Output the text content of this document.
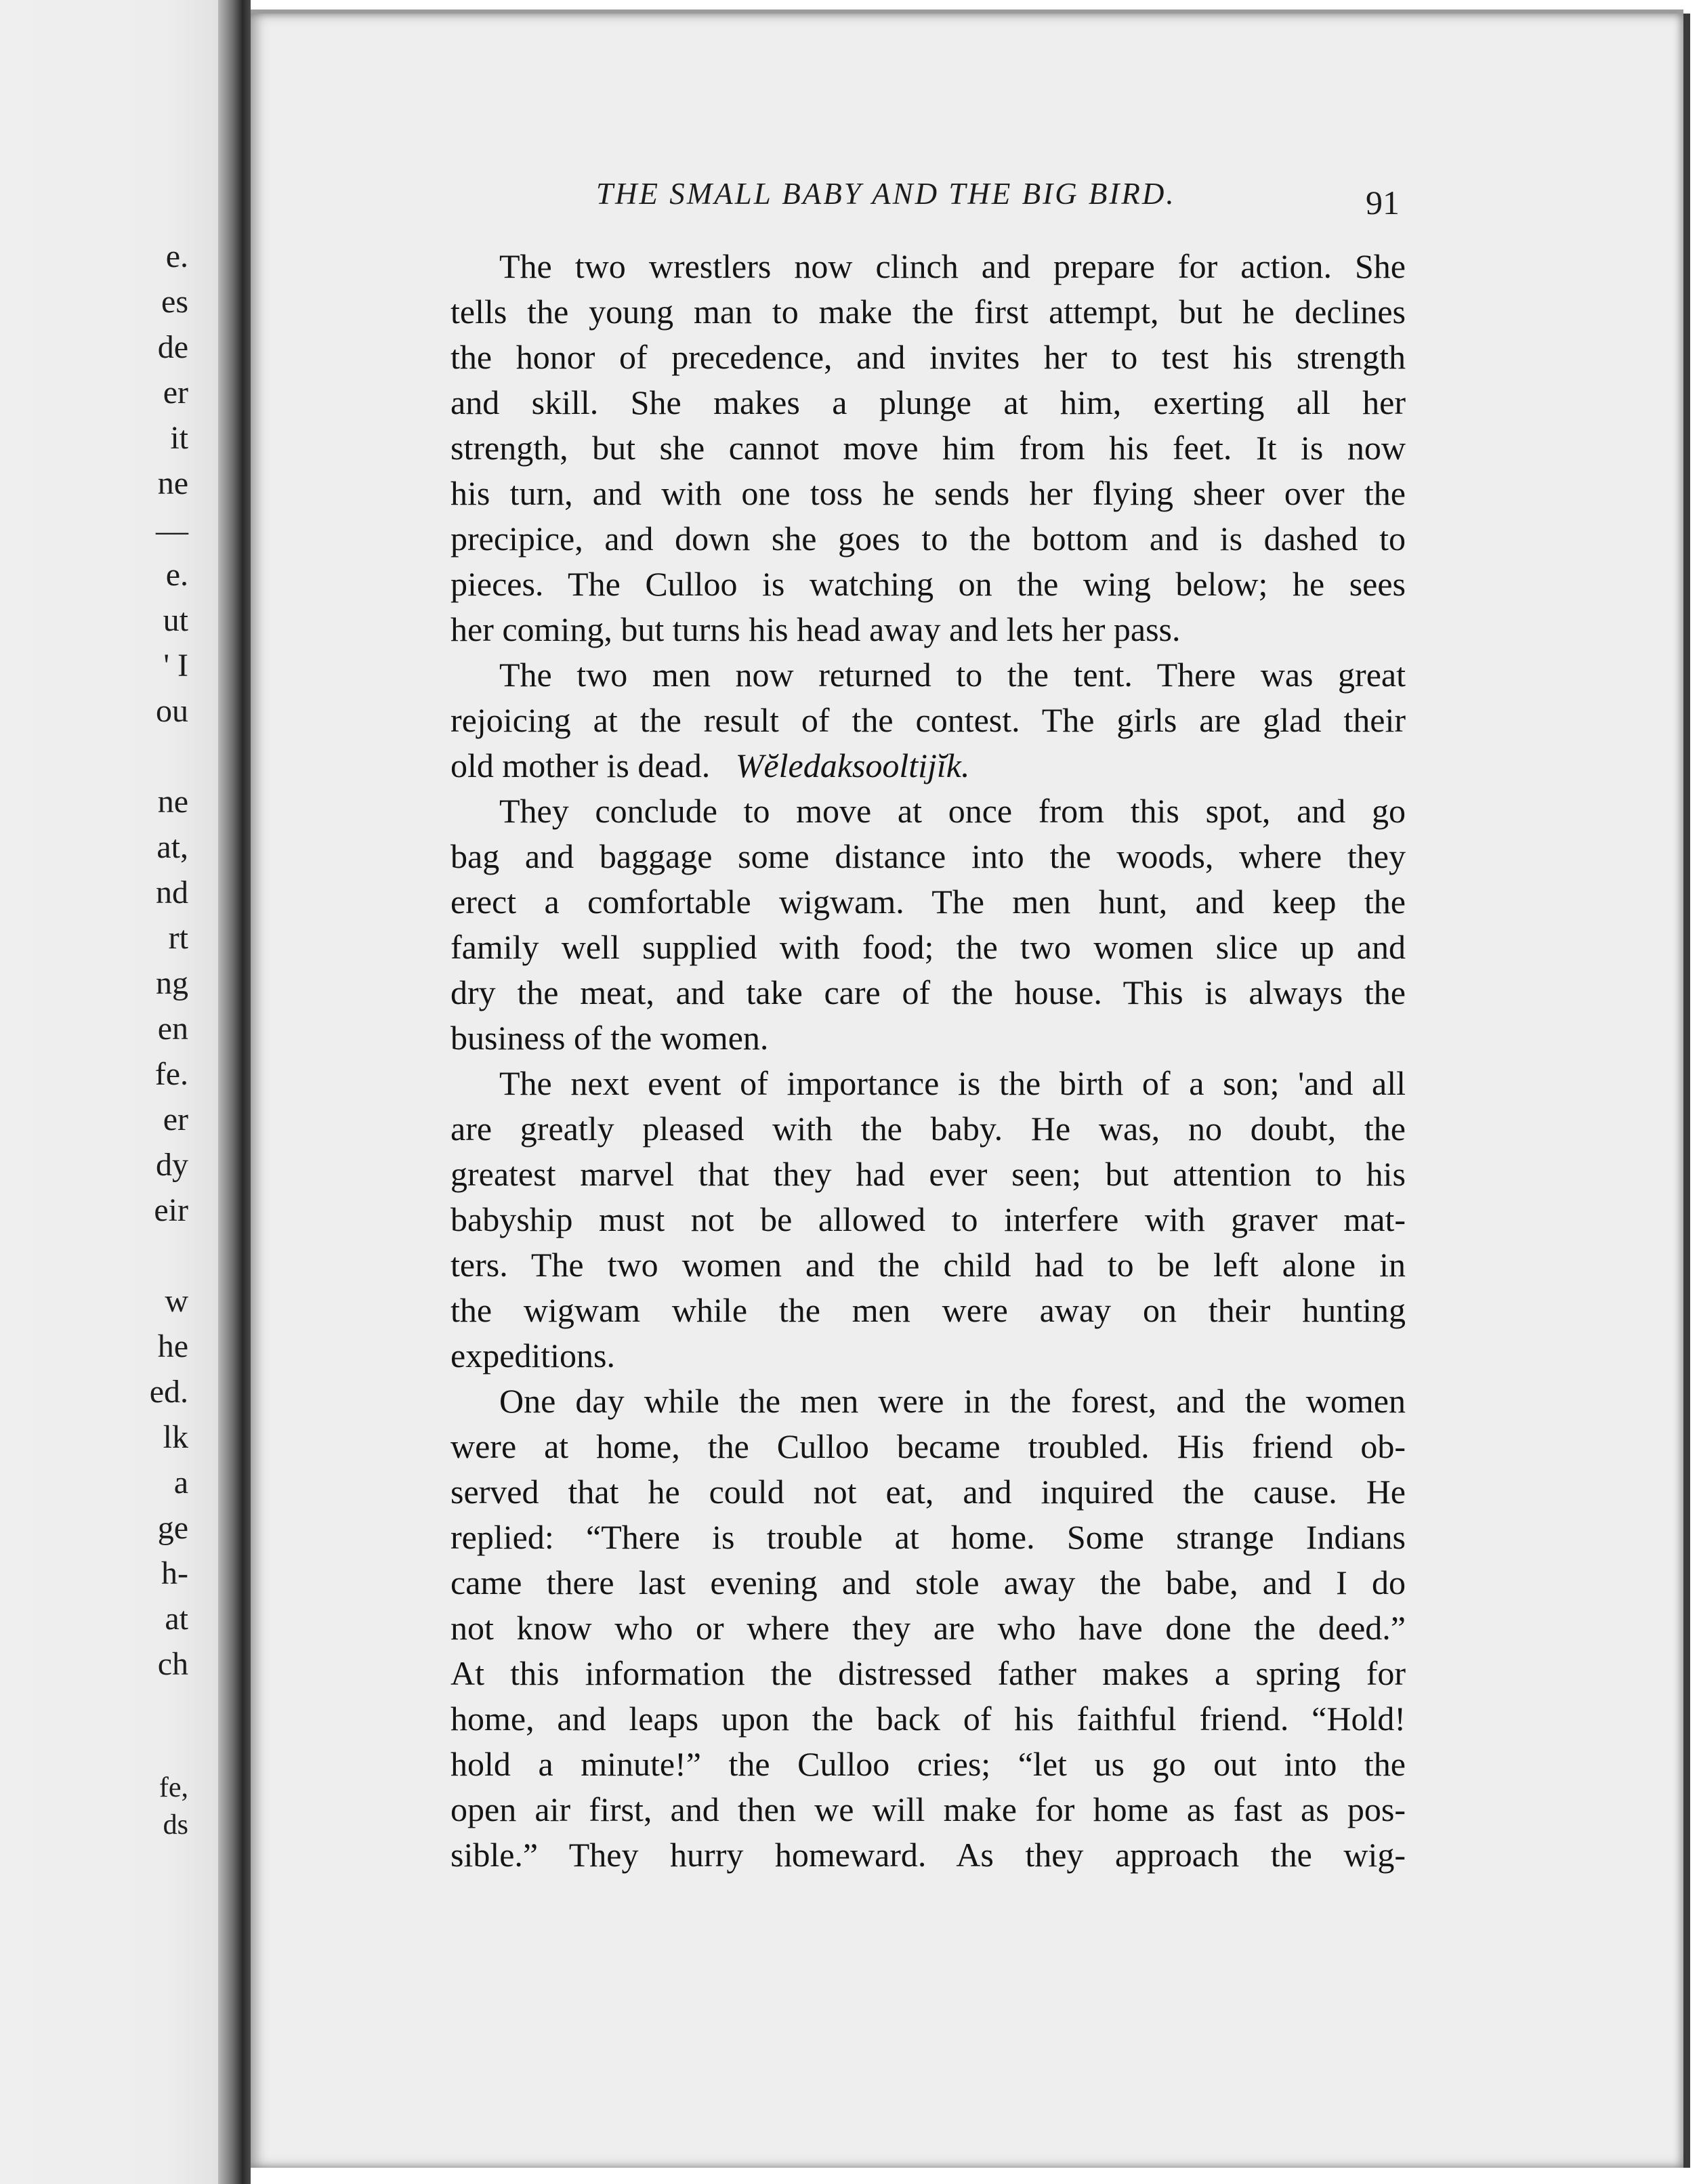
e.
es
de
er
it
ne
—
e.
ut
' I
ou
ne
at,
nd
rt
ng
en
fe.
er
dy
eir
w
he
ed.
lk
a
ge
h-
at
ch
fe,
ds
THE SMALL BABY AND THE BIG BIRD.	91
The two wrestlers now clinch and prepare for action. She
tells the young man to make the first attempt, but he declines
the honor of precedence, and invites her to test his strength
and skill. She makes a plunge at him, exerting all her
strength, but she cannot move him from his feet. It is now
his turn, and with one toss he sends her flying sheer over the
precipice, and down she goes to the bottom and is dashed to
pieces. The Culloo is watching on the wing below; he sees
her coming, but turns his head away and lets her pass.
The two men now returned to the tent. There was great
rejoicing at the result of the contest. The girls are glad their
old mother is dead. Wĕledaksooltijĭk.
They conclude to move at once from this spot, and go
bag and baggage some distance into the woods, where they
erect a comfortable wigwam. The men hunt, and keep the
family well supplied with food; the two women slice up and
dry the meat, and take care of the house. This is always the
business of the women.
The next event of importance is the birth of a son; 'and all
are greatly pleased with the baby. He was, no doubt, the
greatest marvel that they had ever seen; but attention to his
babyship must not be allowed to interfere with graver mat-
ters. The two women and the child had to be left alone in
the wigwam while the men were away on their hunting
expeditions.
One day while the men were in the forest, and the women
were at home, the Culloo became troubled. His friend ob-
served that he could not eat, and inquired the cause. He
replied: “There is trouble at home. Some strange Indians
came there last evening and stole away the babe, and I do
not know who or where they are who have done the deed.”
At this information the distressed father makes a spring for
home, and leaps upon the back of his faithful friend. “Hold!
hold a minute!” the Culloo cries; “let us go out into the
open air first, and then we will make for home as fast as pos-
sible.” They hurry homeward. As they approach the wig-
